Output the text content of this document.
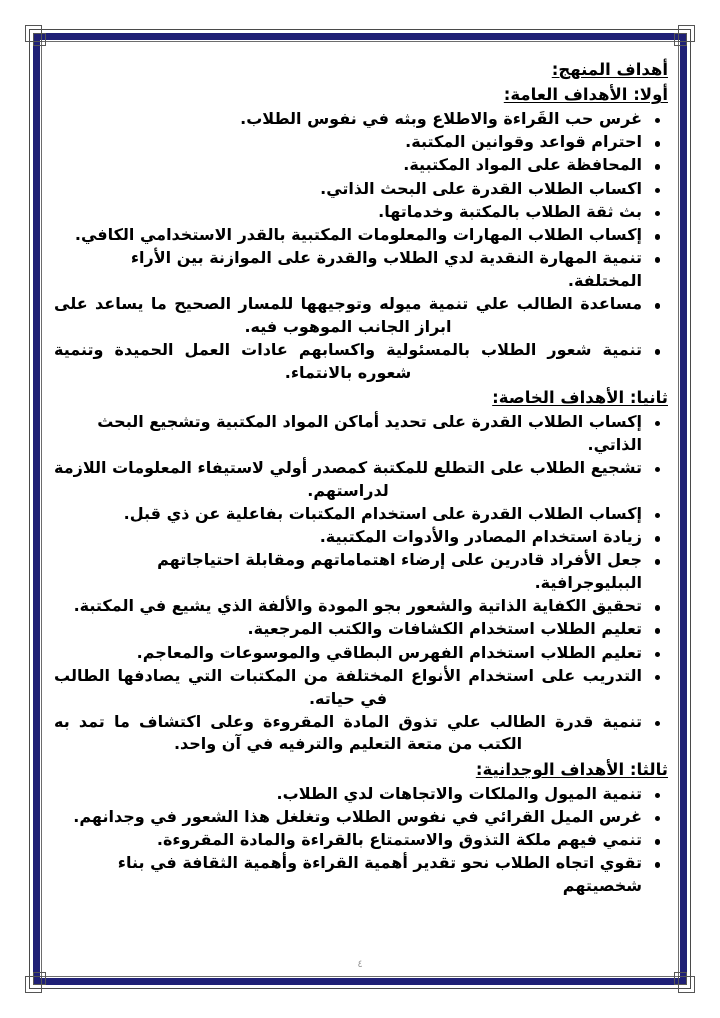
أهداف المنهج:
أولا: الأهداف العامة:
غرس حب القَراءة والاطلاع وبثه في نفوس الطلاب.
احترام قواعد وقوانين المكتبة.
المحافظة على المواد المكتبية.
اكساب الطلاب القدرة على البحث الذاتي.
بث ثقة الطلاب بالمكتبة وخدماتها.
إكساب الطلاب المهارات والمعلومات المكتبية بالقدر الاستخدامي الكافي.
تنمية المهارة النقدية لدي الطلاب والقدرة على الموازنة بين الأراء المختلفة.
مساعدة الطالب علي تنمية ميوله وتوجيهها للمسار الصحيح ما يساعد على ابراز الجانب الموهوب فيه.
تنمية شعور الطلاب بالمسئولية واكسابهم عادات العمل الحميدة وتنمية شعوره بالانتماء.
ثانيا: الأهداف الخاصة:
إكساب الطلاب القدرة على تحديد أماكن المواد المكتبية وتشجيع البحث الذاتي.
تشجيع الطلاب على التطلع للمكتبة كمصدر أولي لاستيفاء المعلومات اللازمة لدراستهم.
إكساب الطلاب القدرة على استخدام المكتبات بفاعلية عن ذي قبل.
زيادة استخدام المصادر والأدوات المكتبية.
جعل الأفراد قادرين على إرضاء اهتماماتهم ومقابلة احتياجاتهم الببليوجرافية.
تحقيق الكفاية الذاتية والشعور بجو المودة والألفة الذي يشيع في المكتبة.
تعليم الطلاب استخدام الكشافات والكتب المرجعية.
تعليم الطلاب استخدام الفهرس البطاقي والموسوعات والمعاجم.
التدريب على استخدام الأنواع المختلفة من المكتبات التي يصادفها الطالب في حياته.
تنمية قدرة الطالب علي تذوق المادة المقروءة وعلى اكتشاف ما تمد به الكتب من متعة التعليم والترفيه في آن واحد.
ثالثا: الأهداف الوجدانية:
تنمية الميول والملكات والاتجاهات لدي الطلاب.
غرس الميل القرائي في نفوس الطلاب وتغلغل هذا الشعور في وجدانهم.
تنمي فيهم ملكة التذوق والاستمتاع بالقراءة والمادة المقروءة.
تقوي اتجاه الطلاب نحو تقدير أهمية القراءة وأهمية الثقافة في بناء شخصيتهم
٤
